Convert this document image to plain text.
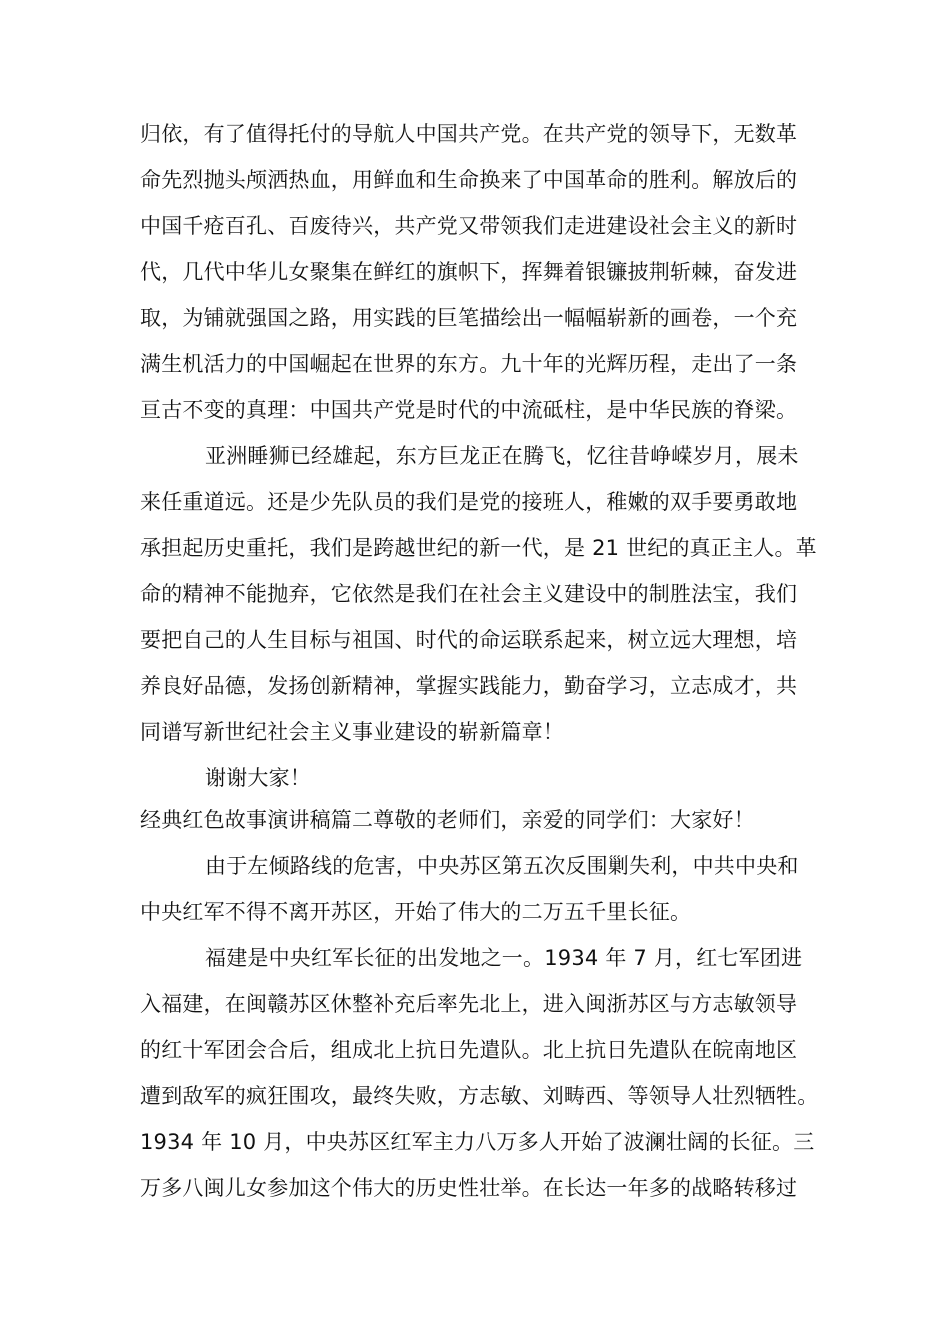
归依，有了值得托付的导航人中国共产党。在共产党的领导下，无数革
命先烈抛头颅洒热血，用鲜血和生命换来了中国革命的胜利。解放后的
中国千疮百孔、百废待兴，共产党又带领我们走进建设社会主义的新时
代，几代中华儿女聚集在鲜红的旗帜下，挥舞着银镰披荆斩棘，奋发进
取，为铺就强国之路，用实践的巨笔描绘出一幅幅崭新的画卷，一个充
满生机活力的中国崛起在世界的东方。九十年的光辉历程，走出了一条
亘古不变的真理：中国共产党是时代的中流砥柱，是中华民族的脊梁。
亚洲睡狮已经雄起，东方巨龙正在腾飞，忆往昔峥嵘岁月，展未
来任重道远。还是少先队员的我们是党的接班人，稚嫩的双手要勇敢地
承担起历史重托，我们是跨越世纪的新一代，是 21 世纪的真正主人。革
命的精神不能抛弃，它依然是我们在社会主义建设中的制胜法宝，我们
要把自己的人生目标与祖国、时代的命运联系起来，树立远大理想，培
养良好品德，发扬创新精神，掌握实践能力，勤奋学习，立志成才，共
同谱写新世纪社会主义事业建设的崭新篇章！
谢谢大家！
经典红色故事演讲稿篇二尊敬的老师们，亲爱的同学们：大家好！
由于左倾路线的危害，中央苏区第五次反围剿失利，中共中央和
中央红军不得不离开苏区，开始了伟大的二万五千里长征。
福建是中央红军长征的出发地之一。1934 年 7 月，红七军团进
入福建，在闽赣苏区休整补充后率先北上，进入闽浙苏区与方志敏领导
的红十军团会合后，组成北上抗日先遣队。北上抗日先遣队在皖南地区
遭到敌军的疯狂围攻，最终失败，方志敏、刘畴西、等领导人壮烈牺牲。
1934 年 10 月，中央苏区红军主力八万多人开始了波澜壮阔的长征。三
万多八闽儿女参加这个伟大的历史性壮举。在长达一年多的战略转移过
